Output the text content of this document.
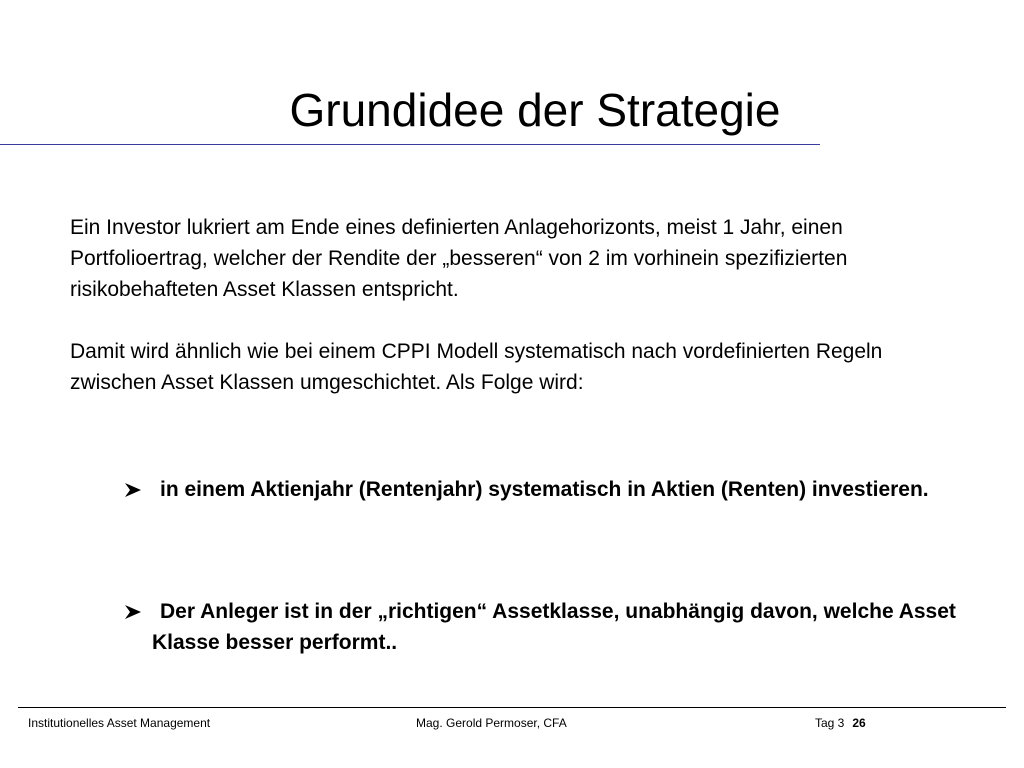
Grundidee der Strategie

Ein Investor lukriert am Ende eines definierten Anlagehorizonts, meist 1 Jahr, einen Portfolioertrag, welcher der Rendite der „besseren“ von 2 im vorhinein spezifizierten risikobehafteten Asset Klassen entspricht.

Damit wird ähnlich wie bei einem CPPI Modell systematisch nach vordefinierten Regeln zwischen Asset Klassen umgeschichtet. Als Folge wird:

in einem Aktienjahr (Rentenjahr) systematisch in Aktien (Renten) investieren.
Der Anleger ist in der „richtigen“ Assetklasse, unabhängig davon, welche Asset Klasse besser performt..
Institutionelles Asset Management	Mag. Gerold Permoser, CFA	Tag 3 26
